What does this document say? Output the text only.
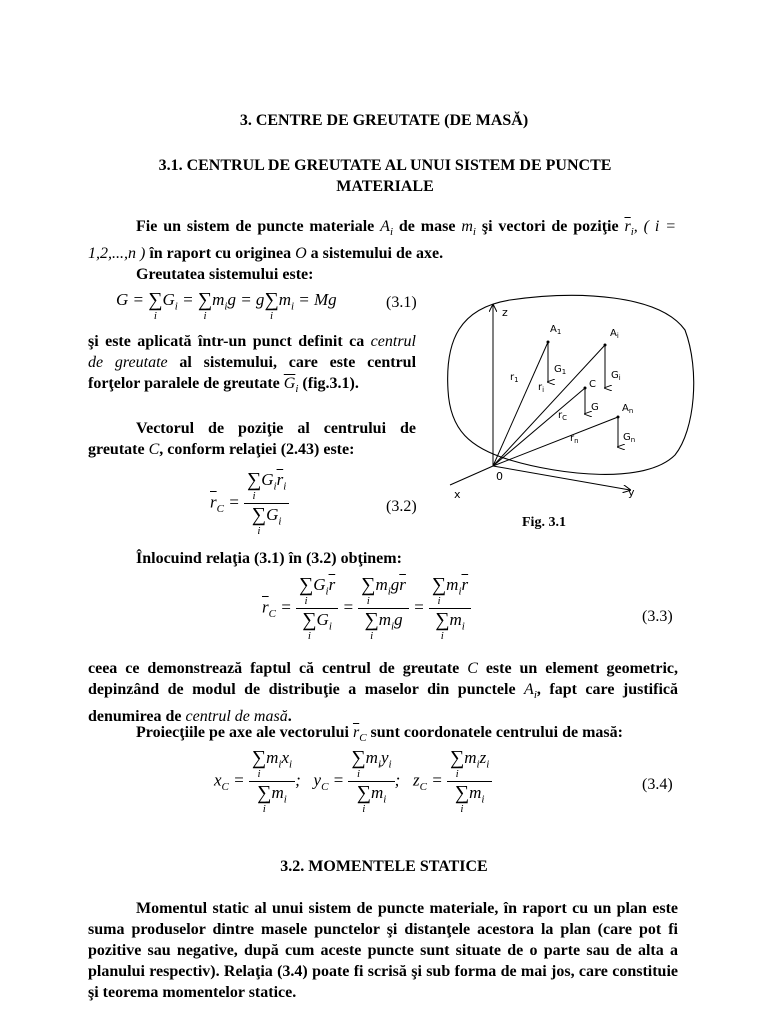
3. CENTRE DE GREUTATE (DE MASĂ)
3.1. CENTRUL DE GREUTATE AL UNUI SISTEM DE PUNCTE MATERIALE
Fie un sistem de puncte materiale $A_i$ de mase $m_i$ şi vectori de poziţie $\overline{r}_i$, ( i = 1,2,...,n ) în raport cu originea O a sistemului de axe.
Greutatea sistemului este:
G = ∑
i
$G_i$ = ∑
i
$m_ig = g$ ∑
i
$m_i = Mg$	(3.1)
şi este aplicată într-un punct definit ca centrul de greutate al sistemului, care este centrul forţelor paralele de greutate $\overline{G}_i$ (fig.3.1).
Vectorul de poziţie al centrului de greutate C, conform relaţiei (2.43) este:
$\overline{r}_C$ = ∑
i
$G_i\overline{r}_i$
∑
i
$G_i$	(3.2)
z
y
x
0
$A_1$	$A_i$
C
$A_n$
$G_1$	$G_i$
G
$G_n$
$r_1$
$r_i$
$r_C$
$r_n$
Fig. 3.1
Înlocuind relaţia (3.1) în (3.2) obţinem:
$\overline{r}_C$ = ∑
i
$G_i\overline{r}$
∑
i
$G_i$ = ∑
i
$m_ig\overline{r}$
∑
i
$m_ig$ = ∑
i
$m_i\overline{r}$
∑
i
$m_i$	(3.3)
ceea ce demonstrează faptul că centrul de greutate C este un element geometric, depinzând de modul de distribuţie a maselor din punctele $A_i$, fapt care justifică denumirea de centrul de masă.
Proiecţiile pe axe ale vectorului $\overline{r}_C$ sunt coordonatele centrului de masă:
$x_C$ = ∑
i
$m_ix_i$
∑
i
$m_i$ ;   $y_C$ = ∑
i
$m_iy_i$
∑
i
$m_i$ ;   $z_C$ = ∑
i
$m_iz_i$
∑
i
$m_i$	(3.4)
3.2. MOMENTELE STATICE
Momentul static al unui sistem de puncte materiale, în raport cu un plan este suma produselor dintre masele punctelor şi distanţele acestora la plan (care pot fi pozitive sau negative, după cum aceste puncte sunt situate de o parte sau de alta a planului respectiv). Relaţia (3.4) poate fi scrisă şi sub forma de mai jos, care constituie şi teorema momentelor statice.
